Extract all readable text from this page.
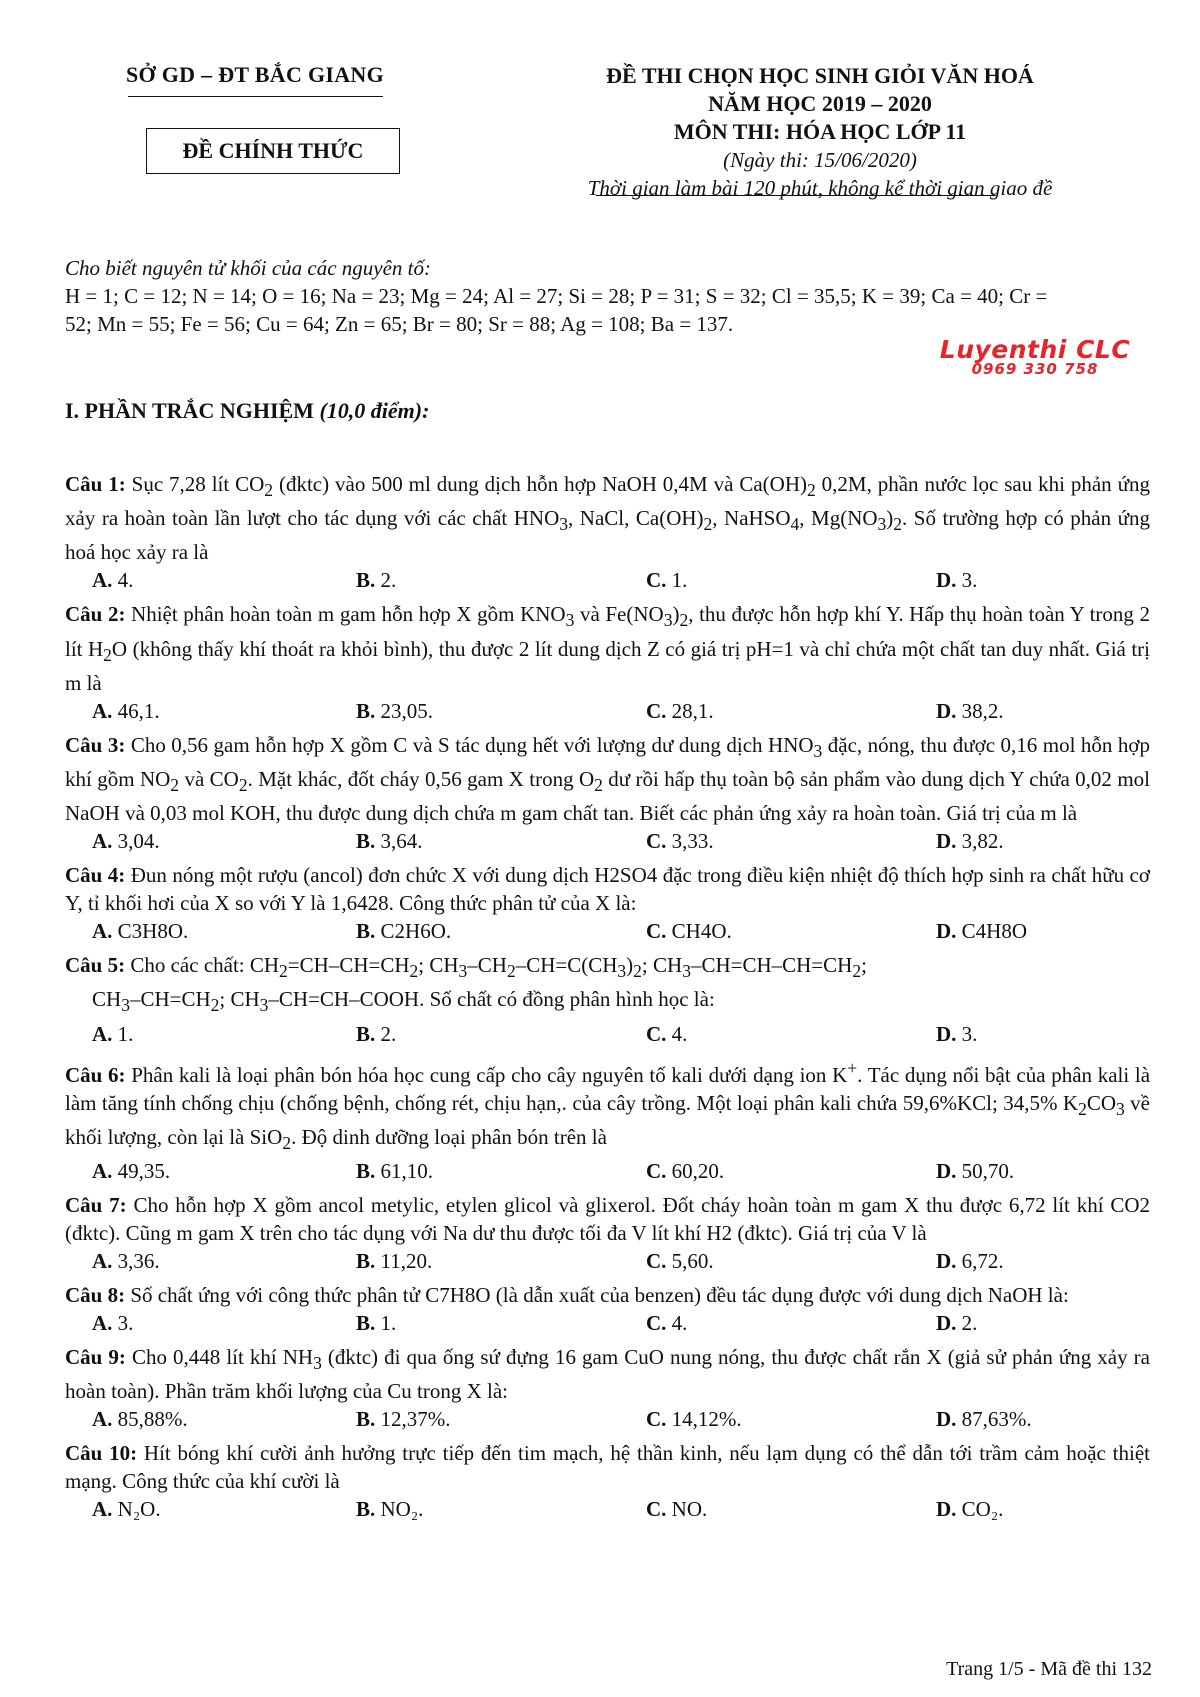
SỞ GD – ĐT BẮC GIANG
ĐỀ CHÍNH THỨC
ĐỀ THI CHỌN HỌC SINH GIỎI VĂN HOÁ
NĂM HỌC 2019 – 2020
MÔN THI: HÓA HỌC LỚP 11
(Ngày thi: 15/06/2020)
Thời gian làm bài 120 phút, không kể thời gian giao đề
Cho biết nguyên tử khối của các nguyên tố:
H = 1; C = 12; N = 14; O = 16; Na = 23; Mg = 24; Al = 27; Si = 28; P = 31; S = 32; Cl = 35,5; K = 39; Ca = 40; Cr =
52; Mn = 55; Fe = 56; Cu = 64; Zn = 65; Br = 80; Sr = 88; Ag = 108; Ba = 137.
Luyenthi CLC
0969 330 758
I. PHẦN TRẮC NGHIỆM (10,0 điểm):
Câu 1: Sục 7,28 lít $CO_2$ (đktc) vào 500 ml dung dịch hỗn hợp NaOH 0,4M và $Ca(OH)_2$ 0,2M, phần nước lọc sau khi phản ứng xảy ra hoàn toàn lần lượt cho tác dụng với các chất $HNO_3$, NaCl, $Ca(OH)_2$, NaHSO$_4$, $Mg(NO_3)_2$. Số trường hợp có phản ứng hoá học xảy ra là
A. 4.	B. 2.	C. 1.	D. 3.
Câu 2: Nhiệt phân hoàn toàn m gam hỗn hợp X gồm $KNO_3$ và $Fe(NO_3)_2$, thu được hỗn hợp khí Y. Hấp thụ hoàn toàn Y trong 2 lít $H_2O$ (không thấy khí thoát ra khỏi bình), thu được 2 lít dung dịch Z có giá trị pH=1 và chỉ chứa một chất tan duy nhất. Giá trị m là
A. 46,1.	B. 23,05.	C. 28,1.	D. 38,2.
Câu 3: Cho 0,56 gam hỗn hợp X gồm C và S tác dụng hết với lượng dư dung dịch $HNO_3$ đặc, nóng, thu được 0,16 mol hỗn hợp khí gồm $NO_2$ và $CO_2$. Mặt khác, đốt cháy 0,56 gam X trong $O_2$ dư rồi hấp thụ toàn bộ sản phẩm vào dung dịch Y chứa 0,02 mol NaOH và 0,03 mol KOH, thu được dung dịch chứa m gam chất tan. Biết các phản ứng xảy ra hoàn toàn. Giá trị của m là
A. 3,04.	B. 3,64.	C. 3,33.	D. 3,82.
Câu 4: Đun nóng một rượu (ancol) đơn chức X với dung dịch H2SO4 đặc trong điều kiện nhiệt độ thích hợp sinh ra chất hữu cơ Y, tỉ khối hơi của X so với Y là 1,6428. Công thức phân tử của X là:
A. C3H8O.	B. C2H6O.	C. CH4O.	D. C4H8O
Câu 5: Cho các chất: $CH_2=CH-CH=CH_2$; $CH_3-CH_2-CH=C(CH_3)_2$; $CH_3-CH=CH-CH=CH_2$;
$CH_3-CH=CH_2$; $CH_3-CH=CH$–COOH. Số chất có đồng phân hình học là:
A. 1.	B. 2.	C. 4.	D. 3.
Câu 6: Phân kali là loại phân bón hóa học cung cấp cho cây nguyên tố kali dưới dạng ion K+. Tác dụng nổi bật của phân kali là làm tăng tính chống chịu (chống bệnh, chống rét, chịu hạn,. của cây trồng. Một loại phân kali chứa 59,6%KCl; 34,5% $K_2CO_3$ về khối lượng, còn lại là SiO$_2$. Độ dinh dưỡng loại phân bón trên là
A. 49,35.	B. 61,10.	C. 60,20.	D. 50,70.
Câu 7: Cho hỗn hợp X gồm ancol metylic, etylen glicol và glixerol. Đốt cháy hoàn toàn m gam X thu được 6,72 lít khí CO2 (đktc). Cũng m gam X trên cho tác dụng với Na dư thu được tối đa V lít khí H2 (đktc). Giá trị của V là
A. 3,36.	B. 11,20.	C. 5,60.	D. 6,72.
Câu 8: Số chất ứng với công thức phân tử C7H8O (là dẫn xuất của benzen) đều tác dụng được với dung dịch NaOH là:
A. 3.	B. 1.	C. 4.	D. 2.
Câu 9: Cho 0,448 lít khí $NH_3$ (đktc) đi qua ống sứ đựng 16 gam CuO nung nóng, thu được chất rắn X (giả sử phản ứng xảy ra hoàn toàn). Phần trăm khối lượng của Cu trong X là:
A. 85,88%.	B. 12,37%.	C. 14,12%.	D. 87,63%.
Câu 10: Hít bóng khí cười ảnh hưởng trực tiếp đến tim mạch, hệ thần kinh, nếu lạm dụng có thể dẫn tới trầm cảm hoặc thiệt mạng. Công thức của khí cười là
A. N₂O.	B. NO₂.	C. NO.	D. CO₂.
Trang 1/5 - Mã đề thi 132
